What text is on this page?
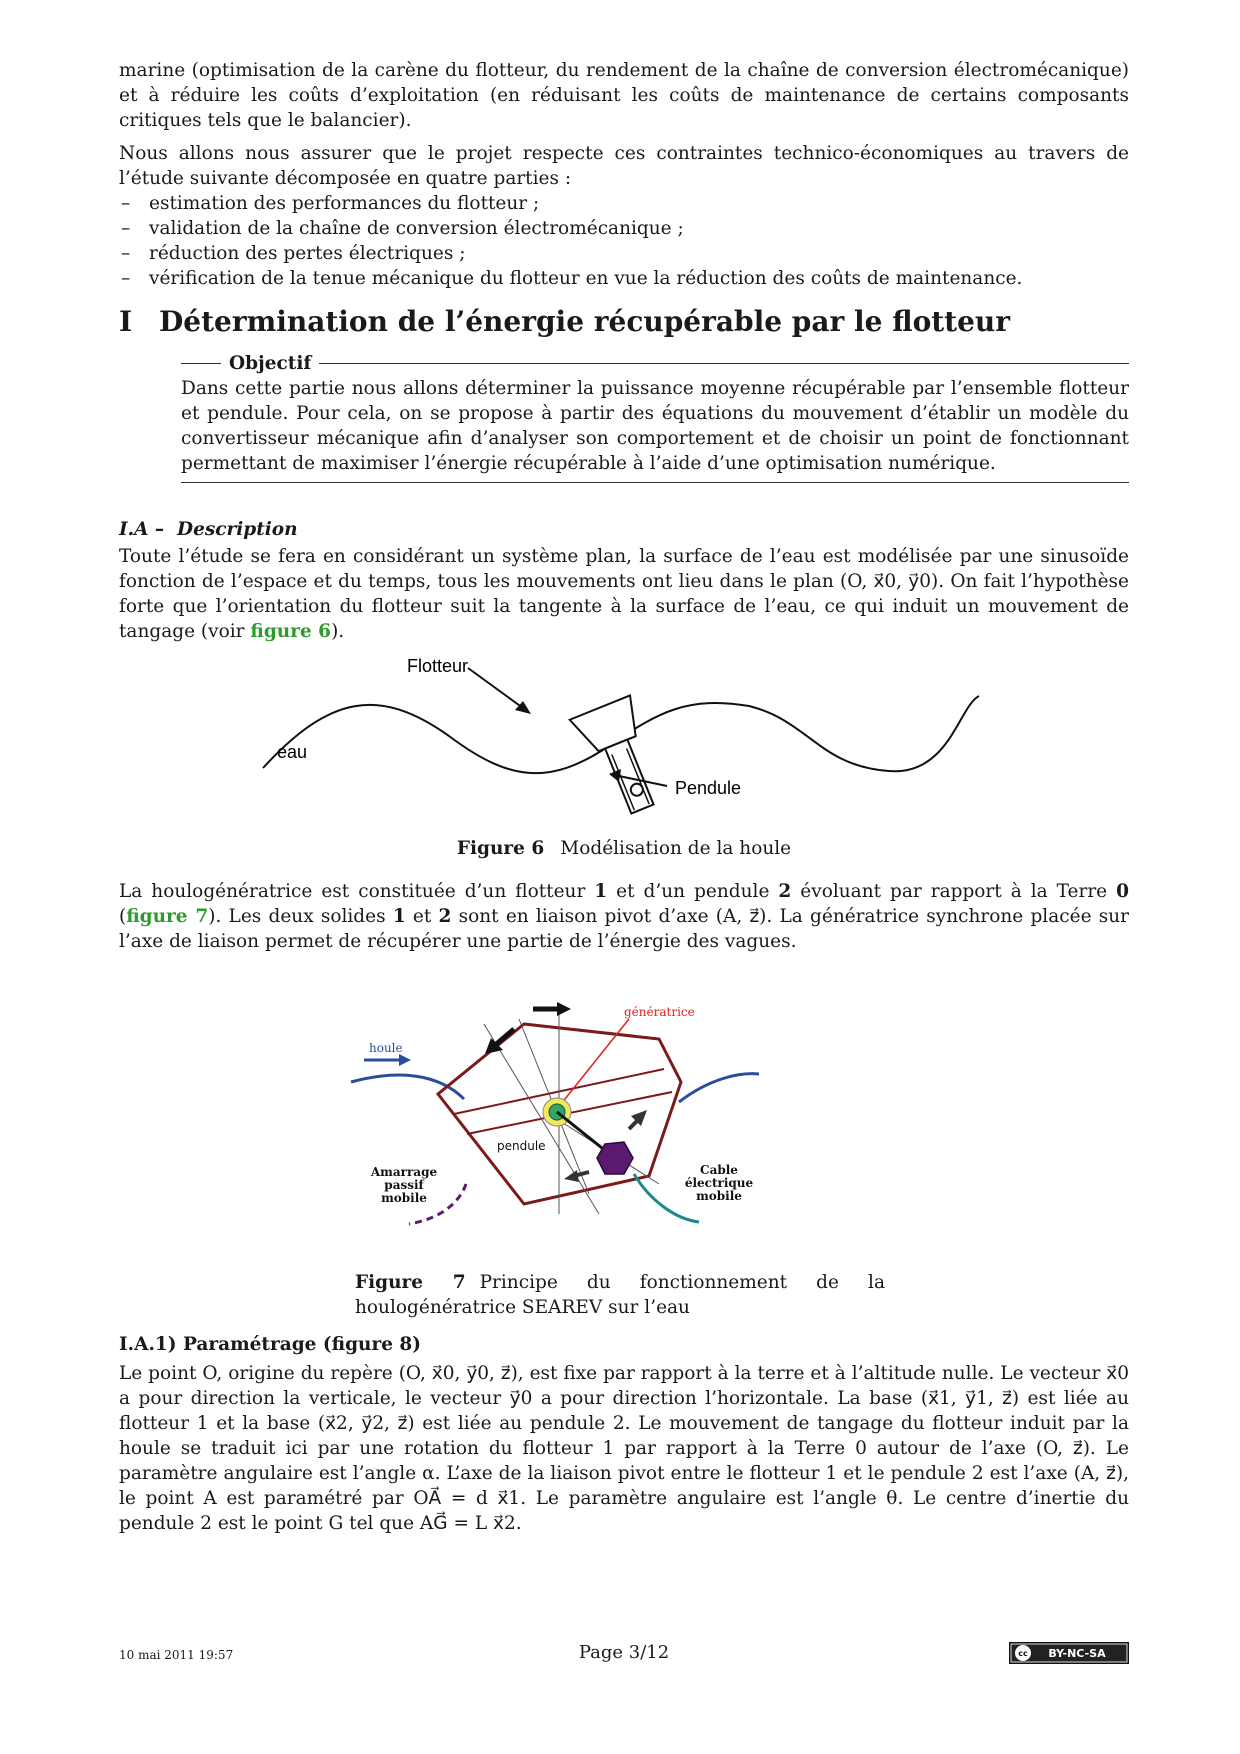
marine (optimisation de la carène du flotteur, du rendement de la chaîne de conversion électromécanique) et à réduire les coûts d’exploitation (en réduisant les coûts de maintenance de certains composants critiques tels que le balancier).

Nous allons nous assurer que le projet respecte ces contraintes technico-économiques au travers de l’étude suivante décomposée en quatre parties :

– estimation des performances du flotteur ;
– validation de la chaîne de conversion électromécanique ;
– réduction des pertes électriques ;
– vérification de la tenue mécanique du flotteur en vue la réduction des coûts de maintenance.
I Détermination de l’énergie récupérable par le flotteur
Objectif

Dans cette partie nous allons déterminer la puissance moyenne récupérable par l’ensemble flotteur et pendule. Pour cela, on se propose à partir des équations du mouvement d’établir un modèle du convertisseur mécanique afin d’analyser son comportement et de choisir un point de fonctionnant permettant de maximiser l’énergie récupérable à l’aide d’une optimisation numérique.

I.A – Description

Toute l’étude se fera en considérant un système plan, la surface de l’eau est modélisée par une sinusoïde fonction de l’espace et du temps, tous les mouvements ont lieu dans le plan (O, x⃗0, y⃗0). On fait l’hypothèse forte que l’orientation du flotteur suit la tangente à la surface de l’eau, ce qui induit un mouvement de tangage (voir figure 6).

Flotteur
eau
Pendule

Figure 6 Modélisation de la houle

La houlogénératrice est constituée d’un flotteur 1 et d’un pendule 2 évoluant par rapport à la Terre 0 (figure 7). Les deux solides 1 et 2 sont en liaison pivot d’axe (A, z⃗). La génératrice synchrone placée sur l’axe de liaison permet de récupérer une partie de l’énergie des vagues.

houle
génératrice
pendule
Amarrage
passif
mobile
Cable
électrique
mobile

Figure 7 Principe du fonctionnement de la houlogénératrice SEAREV sur l’eau

I.A.1) Paramétrage (figure 8)

Le point O, origine du repère (O, x⃗0, y⃗0, z⃗), est fixe par rapport à la terre et à l’altitude nulle. Le vecteur x⃗0 a pour direction la verticale, le vecteur y⃗0 a pour direction l’horizontale. La base (x⃗1, y⃗1, z⃗) est liée au flotteur 1 et la base (x⃗2, y⃗2, z⃗) est liée au pendule 2. Le mouvement de tangage du flotteur induit par la houle se traduit ici par une rotation du flotteur 1 par rapport à la Terre 0 autour de l’axe (O, z⃗). Le paramètre angulaire est l’angle α. L’axe de la liaison pivot entre le flotteur 1 et le pendule 2 est l’axe (A, z⃗), le point A est paramétré par OA⃗ = d x⃗1. Le paramètre angulaire est l’angle θ. Le centre d’inertie du pendule 2 est le point G tel que AG⃗ = L x⃗2.

10 mai 2011 19:57	Page 3/12	cc BY-NC-SA
